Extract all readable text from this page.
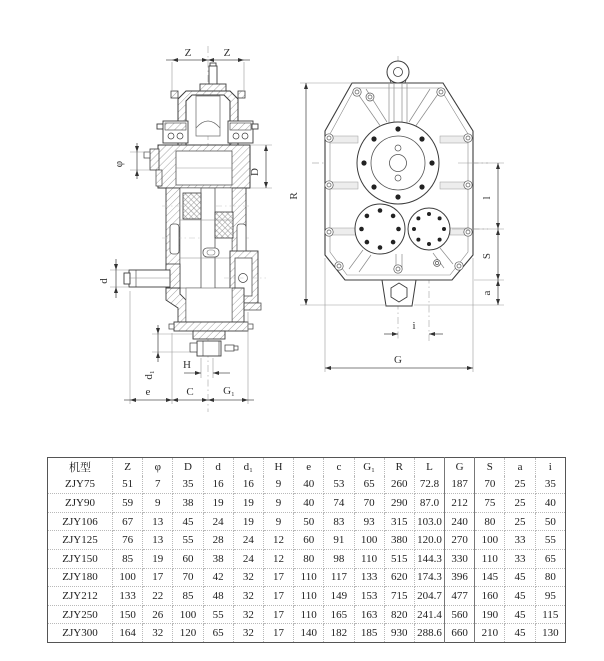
Z	Z
φ
D
d
d₁
H
e	C	G₁
R	l
S
a
i
G
机型	Z	φ	D	d	d₁	H	e	c	G₁	R	L	G	S	a	i
ZJY75	51	7	35	16	16	9	40	53	65	260	72.8	187	70	25	35
ZJY90	59	9	38	19	19	9	40	74	70	290	87.0	212	75	25	40
ZJY106	67	13	45	24	19	9	50	83	93	315	103.0	240	80	25	50
ZJY125	76	13	55	28	24	12	60	91	100	380	120.0	270	100	33	55
ZJY150	85	19	60	38	24	12	80	98	110	515	144.3	330	110	33	65
ZJY180	100	17	70	42	32	17	110	117	133	620	174.3	396	145	45	80
ZJY212	133	22	85	48	32	17	110	149	153	715	204.7	477	160	45	95
ZJY250	150	26	100	55	32	17	110	165	163	820	241.4	560	190	45	115
ZJY300	164	32	120	65	32	17	140	182	185	930	288.6	660	210	45	130
